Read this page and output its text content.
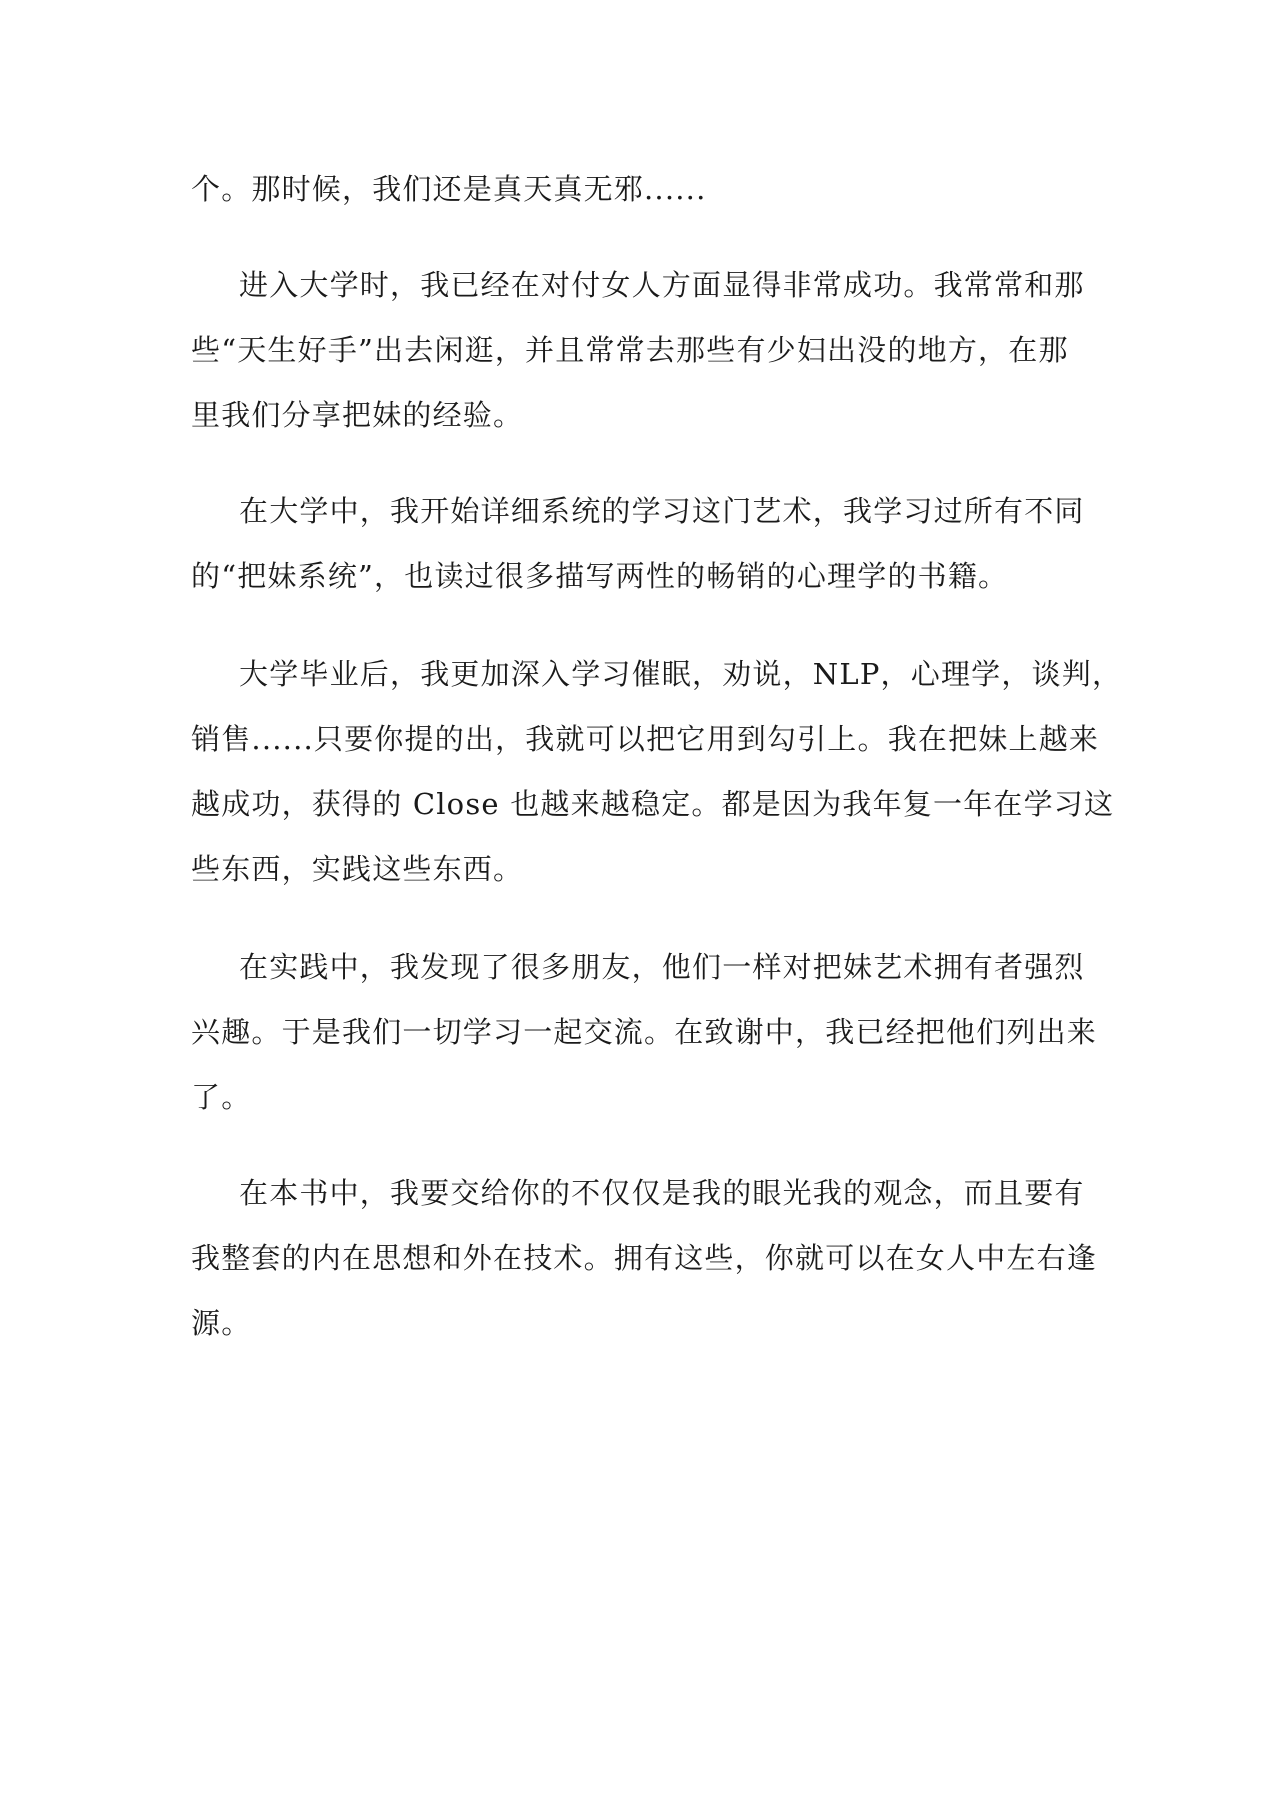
个。那时候，我们还是真天真无邪......
进入大学时，我已经在对付女人方面显得非常成功。我常常和那
些“天生好手”出去闲逛，并且常常去那些有少妇出没的地方，在那
里我们分享把妹的经验。
在大学中，我开始详细系统的学习这门艺术，我学习过所有不同
的“把妹系统”，也读过很多描写两性的畅销的心理学的书籍。
大学毕业后，我更加深入学习催眠，劝说，NLP，心理学，谈判，
销售......只要你提的出，我就可以把它用到勾引上。我在把妹上越来
越成功，获得的 Close 也越来越稳定。都是因为我年复一年在学习这
些东西，实践这些东西。
在实践中，我发现了很多朋友，他们一样对把妹艺术拥有者强烈
兴趣。于是我们一切学习一起交流。在致谢中，我已经把他们列出来
了。
在本书中，我要交给你的不仅仅是我的眼光我的观念，而且要有
我整套的内在思想和外在技术。拥有这些，你就可以在女人中左右逢
源。
